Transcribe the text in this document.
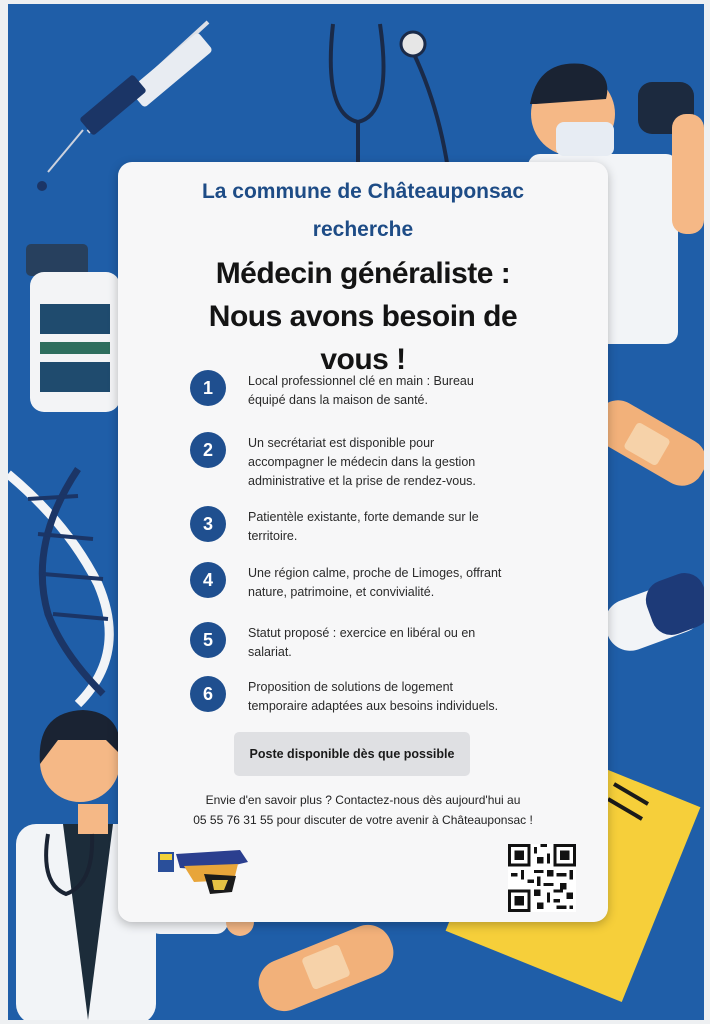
La commune de Châteauponsac
recherche
Médecin généraliste :
Nous avons besoin de
vous !
1	Local professionnel clé en main : Bureau
équipé dans la maison de santé.
2	Un secrétariat est disponible pour
accompagner le médecin dans la gestion
administrative et la prise de rendez-vous.
3	Patientèle existante, forte demande sur le
territoire.
4	Une région calme, proche de Limoges, offrant
nature, patrimoine, et convivialité.
5	Statut proposé : exercice en libéral ou en
salariat.
6	Proposition de solutions de logement
temporaire adaptées aux besoins individuels.
Poste disponible dès que possible
Envie d'en savoir plus ? Contactez-nous dès aujourd'hui au
05 55 76 31 55 pour discuter de votre avenir à Châteauponsac !
